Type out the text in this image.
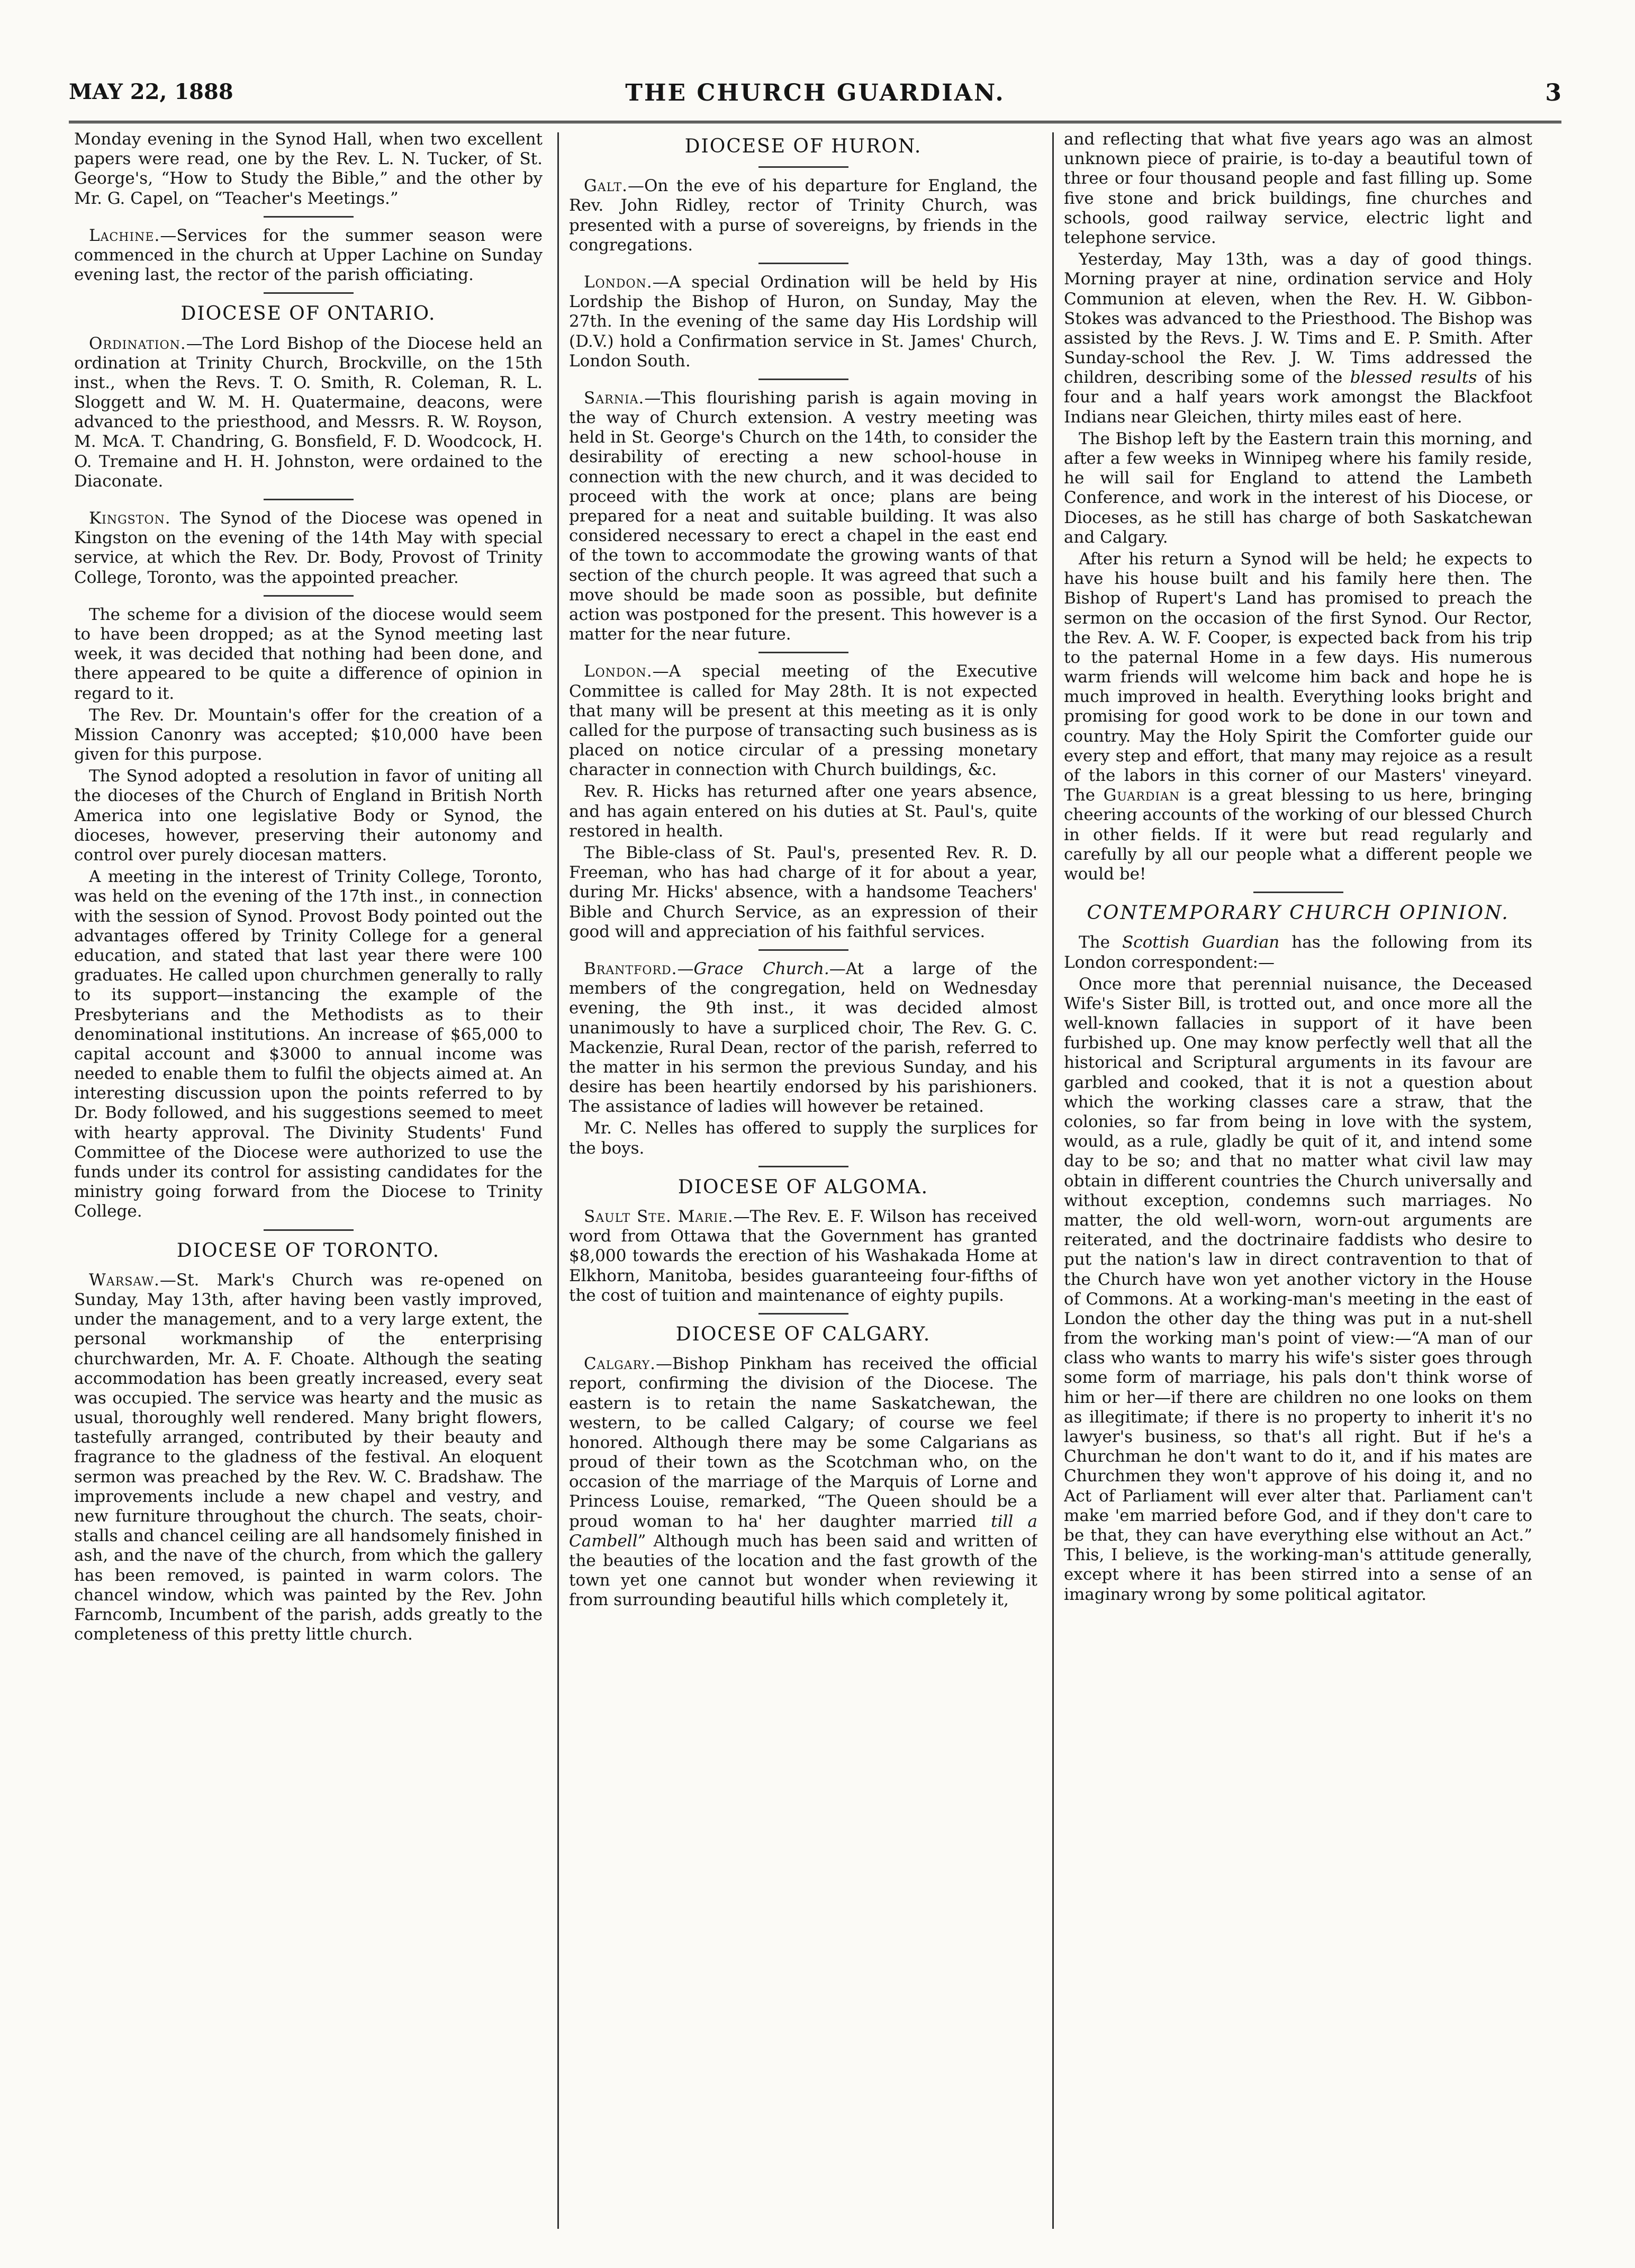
MAY 22, 1888	THE CHURCH GUARDIAN.	3

Monday evening in the Synod Hall, when two excellent papers were read, one by the Rev. L. N. Tucker, of St. George's, “How to Study the Bible,” and the other by Mr. G. Capel, on “Teacher's Meetings.”

Lachine.—Services for the summer season were commenced in the church at Upper Lachine on Sunday evening last, the rector of the parish officiating.

DIOCESE OF ONTARIO.

Ordination.—The Lord Bishop of the Diocese held an ordination at Trinity Church, Brockville, on the 15th inst., when the Revs. T. O. Smith, R. Coleman, R. L. Sloggett and W. M. H. Quatermaine, deacons, were advanced to the priesthood, and Messrs. R. W. Royson, M. McA. T. Chandring, G. Bonsfield, F. D. Woodcock, H. O. Tremaine and H. H. Johnston, were ordained to the Diaconate.

Kingston. The Synod of the Diocese was opened in Kingston on the evening of the 14th May with special service, at which the Rev. Dr. Body, Provost of Trinity College, Toronto, was the appointed preacher.

The scheme for a division of the diocese would seem to have been dropped; as at the Synod meeting last week, it was decided that nothing had been done, and there appeared to be quite a difference of opinion in regard to it.

The Rev. Dr. Mountain's offer for the creation of a Mission Canonry was accepted; $10,000 have been given for this purpose.

The Synod adopted a resolution in favor of uniting all the dioceses of the Church of England in British North America into one legislative Body or Synod, the dioceses, however, preserving their autonomy and control over purely diocesan matters.

A meeting in the interest of Trinity College, Toronto, was held on the evening of the 17th inst., in connection with the session of Synod. Provost Body pointed out the advantages offered by Trinity College for a general education, and stated that last year there were 100 graduates. He called upon churchmen generally to rally to its support—instancing the example of the Presbyterians and the Methodists as to their denominational institutions. An increase of $65,000 to capital account and $3000 to annual income was needed to enable them to fulfil the objects aimed at. An interesting discussion upon the points referred to by Dr. Body followed, and his suggestions seemed to meet with hearty approval. The Divinity Students' Fund Committee of the Diocese were authorized to use the funds under its control for assisting candidates for the ministry going forward from the Diocese to Trinity College.

DIOCESE OF TORONTO.

Warsaw.—St. Mark's Church was re-opened on Sunday, May 13th, after having been vastly improved, under the management, and to a very large extent, the personal workmanship of the enterprising churchwarden, Mr. A. F. Choate. Although the seating accommodation has been greatly increased, every seat was occupied. The service was hearty and the music as usual, thoroughly well rendered. Many bright flowers, tastefully arranged, contributed by their beauty and fragrance to the gladness of the festival. An eloquent sermon was preached by the Rev. W. C. Bradshaw. The improvements include a new chapel and vestry, and new furniture throughout the church. The seats, choir-stalls and chancel ceiling are all handsomely finished in ash, and the nave of the church, from which the gallery has been removed, is painted in warm colors. The chancel window, which was painted by the Rev. John Farncomb, Incumbent of the parish, adds greatly to the completeness of this pretty little church.

DIOCESE OF HURON.

Galt.—On the eve of his departure for England, the Rev. John Ridley, rector of Trinity Church, was presented with a purse of sovereigns, by friends in the congregations.

London.—A special Ordination will be held by His Lordship the Bishop of Huron, on Sunday, May the 27th. In the evening of the same day His Lordship will (D.V.) hold a Confirmation service in St. James' Church, London South.

Sarnia.—This flourishing parish is again moving in the way of Church extension. A vestry meeting was held in St. George's Church on the 14th, to consider the desirability of erecting a new school-house in connection with the new church, and it was decided to proceed with the work at once; plans are being prepared for a neat and suitable building. It was also considered necessary to erect a chapel in the east end of the town to accommodate the growing wants of that section of the church people. It was agreed that such a move should be made soon as possible, but definite action was postponed for the present. This however is a matter for the near future.

London.—A special meeting of the Executive Committee is called for May 28th. It is not expected that many will be present at this meeting as it is only called for the purpose of transacting such business as is placed on notice circular of a pressing monetary character in connection with Church buildings, &c.

Rev. R. Hicks has returned after one years absence, and has again entered on his duties at St. Paul's, quite restored in health.

The Bible-class of St. Paul's, presented Rev. R. D. Freeman, who has had charge of it for about a year, during Mr. Hicks' absence, with a handsome Teachers' Bible and Church Service, as an expression of their good will and appreciation of his faithful services.

Brantford.—Grace Church.—At a large of the members of the congregation, held on Wednesday evening, the 9th inst., it was decided almost unanimously to have a surpliced choir, The Rev. G. C. Mackenzie, Rural Dean, rector of the parish, referred to the matter in his sermon the previous Sunday, and his desire has been heartily endorsed by his parishioners. The assistance of ladies will however be retained.

Mr. C. Nelles has offered to supply the surplices for the boys.

DIOCESE OF ALGOMA.

Sault Ste. Marie.—The Rev. E. F. Wilson has received word from Ottawa that the Government has granted $8,000 towards the erection of his Washakada Home at Elkhorn, Manitoba, besides guaranteeing four-fifths of the cost of tuition and maintenance of eighty pupils.

DIOCESE OF CALGARY.

Calgary.—Bishop Pinkham has received the official report, confirming the division of the Diocese. The eastern is to retain the name Saskatchewan, the western, to be called Calgary; of course we feel honored. Although there may be some Calgarians as proud of their town as the Scotchman who, on the occasion of the marriage of the Marquis of Lorne and Princess Louise, remarked, “The Queen should be a proud woman to ha' her daughter married till a Cambell” Although much has been said and written of the beauties of the location and the fast growth of the town yet one cannot but wonder when reviewing it from surrounding beautiful hills which completely it,

and reflecting that what five years ago was an almost unknown piece of prairie, is to-day a beautiful town of three or four thousand people and fast filling up. Some five stone and brick buildings, fine churches and schools, good railway service, electric light and telephone service.

Yesterday, May 13th, was a day of good things. Morning prayer at nine, ordination service and Holy Communion at eleven, when the Rev. H. W. Gibbon-Stokes was advanced to the Priesthood. The Bishop was assisted by the Revs. J. W. Tims and E. P. Smith. After Sunday-school the Rev. J. W. Tims addressed the children, describing some of the blessed results of his four and a half years work amongst the Blackfoot Indians near Gleichen, thirty miles east of here.

The Bishop left by the Eastern train this morning, and after a few weeks in Winnipeg where his family reside, he will sail for England to attend the Lambeth Conference, and work in the interest of his Diocese, or Dioceses, as he still has charge of both Saskatchewan and Calgary.

After his return a Synod will be held; he expects to have his house built and his family here then. The Bishop of Rupert's Land has promised to preach the sermon on the occasion of the first Synod. Our Rector, the Rev. A. W. F. Cooper, is expected back from his trip to the paternal Home in a few days. His numerous warm friends will welcome him back and hope he is much improved in health. Everything looks bright and promising for good work to be done in our town and country. May the Holy Spirit the Comforter guide our every step and effort, that many may rejoice as a result of the labors in this corner of our Masters' vineyard. The Guardian is a great blessing to us here, bringing cheering accounts of the working of our blessed Church in other fields. If it were but read regularly and carefully by all our people what a different people we would be!

CONTEMPORARY CHURCH OPINION.

The Scottish Guardian has the following from its London correspondent:—

Once more that perennial nuisance, the Deceased Wife's Sister Bill, is trotted out, and once more all the well-known fallacies in support of it have been furbished up. One may know perfectly well that all the historical and Scriptural arguments in its favour are garbled and cooked, that it is not a question about which the working classes care a straw, that the colonies, so far from being in love with the system, would, as a rule, gladly be quit of it, and intend some day to be so; and that no matter what civil law may obtain in different countries the Church universally and without exception, condemns such marriages. No matter, the old well-worn, worn-out arguments are reiterated, and the doctrinaire faddists who desire to put the nation's law in direct contravention to that of the Church have won yet another victory in the House of Commons. At a working-man's meeting in the east of London the other day the thing was put in a nut-shell from the working man's point of view:—“A man of our class who wants to marry his wife's sister goes through some form of marriage, his pals don't think worse of him or her—if there are children no one looks on them as illegitimate; if there is no property to inherit it's no lawyer's business, so that's all right. But if he's a Churchman he don't want to do it, and if his mates are Churchmen they won't approve of his doing it, and no Act of Parliament will ever alter that. Parliament can't make 'em married before God, and if they don't care to be that, they can have everything else without an Act.” This, I believe, is the working-man's attitude generally, except where it has been stirred into a sense of an imaginary wrong by some political agitator.
